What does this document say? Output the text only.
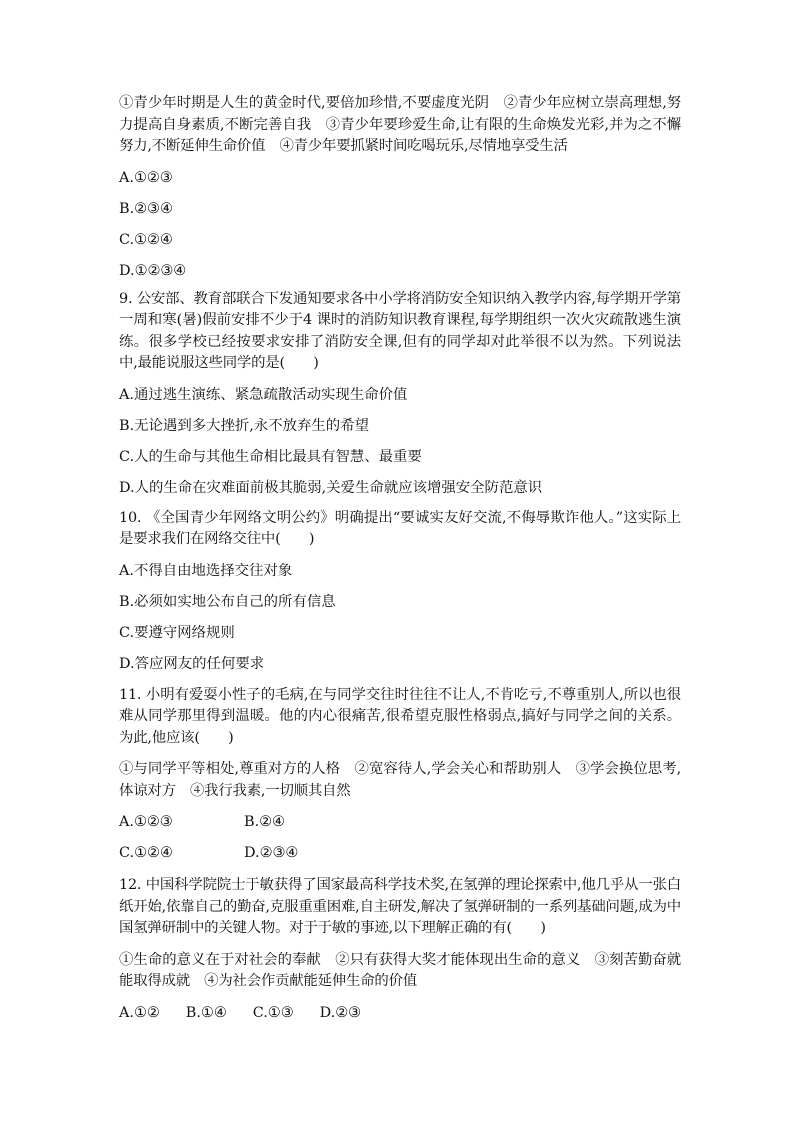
①青少年时期是人生的黄金时代,要倍加珍惜,不要虚度光阴　②青少年应树立崇高理想,努力提高自身素质,不断完善自我　③青少年要珍爱生命,让有限的生命焕发光彩,并为之不懈努力,不断延伸生命价值　④青少年要抓紧时间吃喝玩乐,尽情地享受生活

A.①②③

B.②③④

C.①②④

D.①②③④

9. 公安部、教育部联合下发通知要求各中小学将消防安全知识纳入教学内容,每学期开学第一周和寒(暑)假前安排不少于4 课时的消防知识教育课程,每学期组织一次火灾疏散逃生演练。很多学校已经按要求安排了消防安全课,但有的同学却对此举很不以为然。下列说法中,最能说服这些同学的是(　　)

A.通过逃生演练、紧急疏散活动实现生命价值

B.无论遇到多大挫折,永不放弃生的希望

C.人的生命与其他生命相比最具有智慧、最重要

D.人的生命在灾难面前极其脆弱,关爱生命就应该增强安全防范意识

10. 《全国青少年网络文明公约》明确提出“要诚实友好交流,不侮辱欺诈他人。”这实际上是要求我们在网络交往中(　　)

A.不得自由地选择交往对象

B.必须如实地公布自己的所有信息

C.要遵守网络规则

D.答应网友的任何要求

11. 小明有爱耍小性子的毛病,在与同学交往时往往不让人,不肯吃亏,不尊重别人,所以也很难从同学那里得到温暖。他的内心很痛苦,很希望克服性格弱点,搞好与同学之间的关系。为此,他应该(　　)

①与同学平等相处,尊重对方的人格　②宽容待人,学会关心和帮助别人　③学会换位思考,体谅对方　④我行我素,一切顺其自然

A.①②③	B.②④
C.①②④	D.②③④

12. 中国科学院院士于敏获得了国家最高科学技术奖,在氢弹的理论探索中,他几乎从一张白纸开始,依靠自己的勤奋,克服重重困难,自主研发,解决了氢弹研制的一系列基础问题,成为中国氢弹研制中的关键人物。对于于敏的事迹,以下理解正确的有(　　)

①生命的意义在于对社会的奉献　②只有获得大奖才能体现出生命的意义　③刻苦勤奋就能取得成就　④为社会作贡献能延伸生命的价值

A.①② B.①④ C.①③ D.②③
